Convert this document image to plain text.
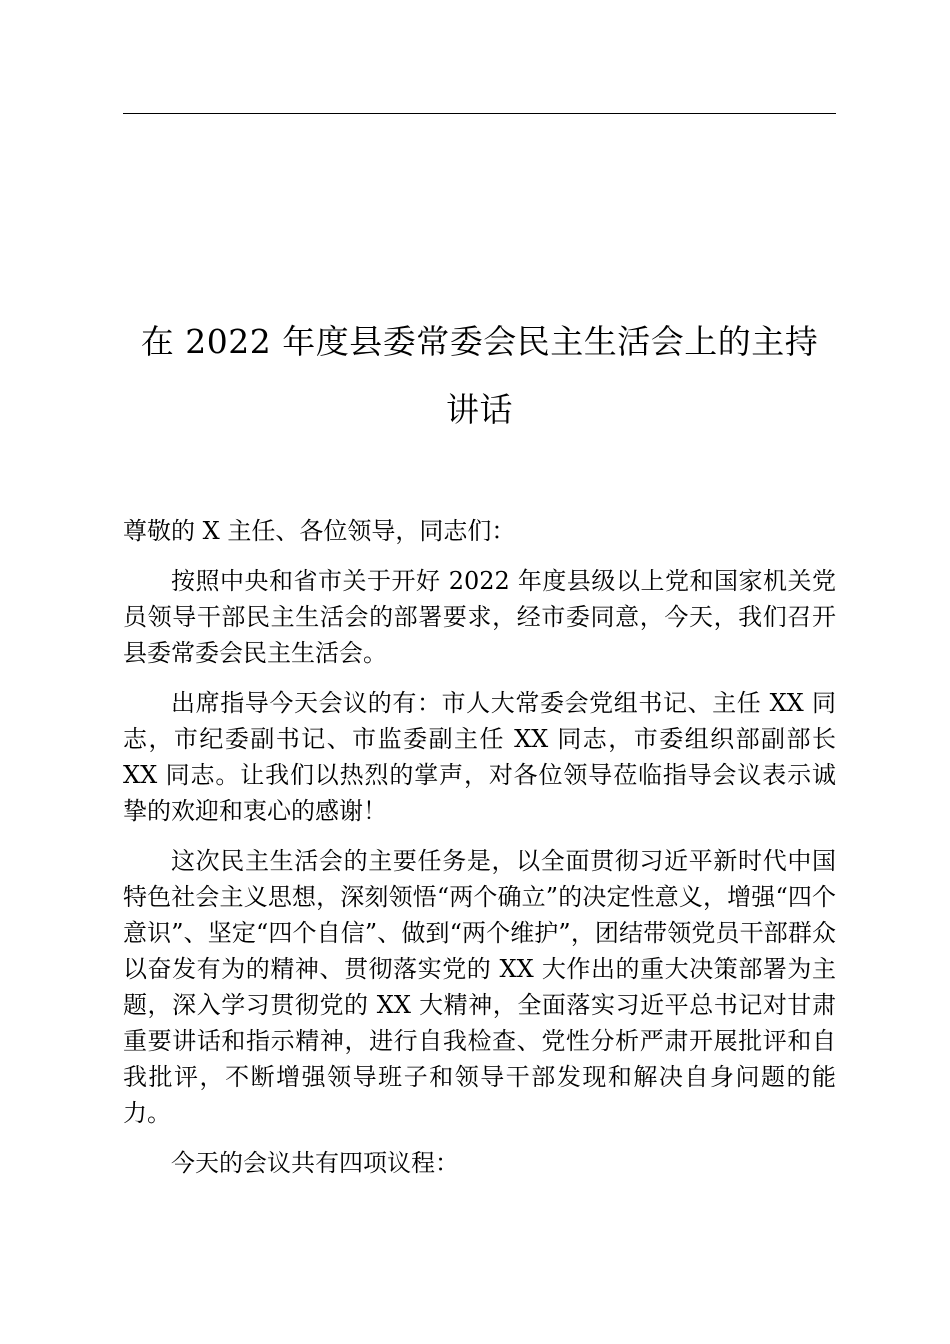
在 2022 年度县委常委会民主生活会上的主持
讲话

尊敬的 X 主任、各位领导，同志们：

按照中央和省市关于开好 2022 年度县级以上党和国家机关党员领导干部民主生活会的部署要求，经市委同意，今天，我们召开县委常委会民主生活会。

出席指导今天会议的有：市人大常委会党组书记、主任 XX 同志，市纪委副书记、市监委副主任 XX 同志，市委组织部副部长 XX 同志。让我们以热烈的掌声，对各位领导莅临指导会议表示诚挚的欢迎和衷心的感谢！

这次民主生活会的主要任务是，以全面贯彻习近平新时代中国特色社会主义思想，深刻领悟“两个确立”的决定性意义，增强“四个意识”、坚定“四个自信”、做到“两个维护”，团结带领党员干部群众以奋发有为的精神、贯彻落实党的 XX 大作出的重大决策部署为主题，深入学习贯彻党的 XX 大精神，全面落实习近平总书记对甘肃重要讲话和指示精神，进行自我检查、党性分析严肃开展批评和自我批评，不断增强领导班子和领导干部发现和解决自身问题的能力。

今天的会议共有四项议程：
